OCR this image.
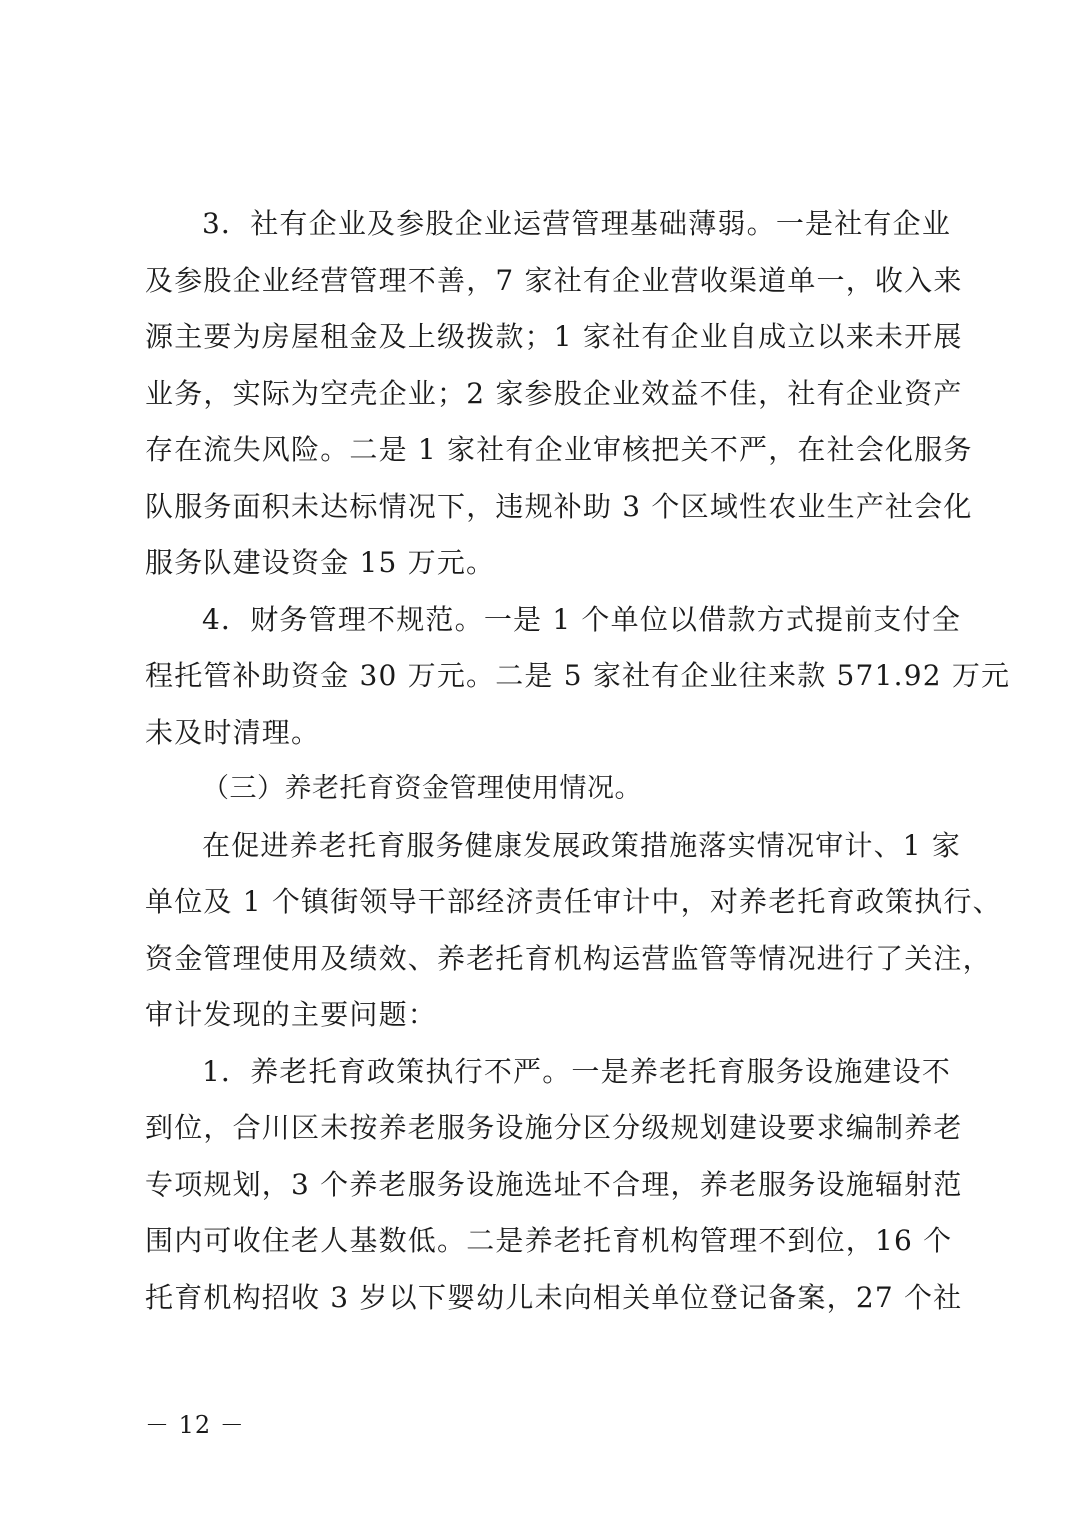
3．社有企业及参股企业运营管理基础薄弱。一是社有企业
及参股企业经营管理不善，7 家社有企业营收渠道单一，收入来
源主要为房屋租金及上级拨款；1 家社有企业自成立以来未开展
业务，实际为空壳企业；2 家参股企业效益不佳，社有企业资产
存在流失风险。二是 1 家社有企业审核把关不严，在社会化服务
队服务面积未达标情况下，违规补助 3 个区域性农业生产社会化
服务队建设资金 15 万元。
4．财务管理不规范。一是 1 个单位以借款方式提前支付全
程托管补助资金 30 万元。二是 5 家社有企业往来款 571.92 万元
未及时清理。
（三）养老托育资金管理使用情况。
在促进养老托育服务健康发展政策措施落实情况审计、1 家
单位及 1 个镇街领导干部经济责任审计中，对养老托育政策执行、
资金管理使用及绩效、养老托育机构运营监管等情况进行了关注，
审计发现的主要问题：
1．养老托育政策执行不严。一是养老托育服务设施建设不
到位，合川区未按养老服务设施分区分级规划建设要求编制养老
专项规划，3 个养老服务设施选址不合理，养老服务设施辐射范
围内可收住老人基数低。二是养老托育机构管理不到位，16 个
托育机构招收 3 岁以下婴幼儿未向相关单位登记备案，27 个社
－ 12 －
